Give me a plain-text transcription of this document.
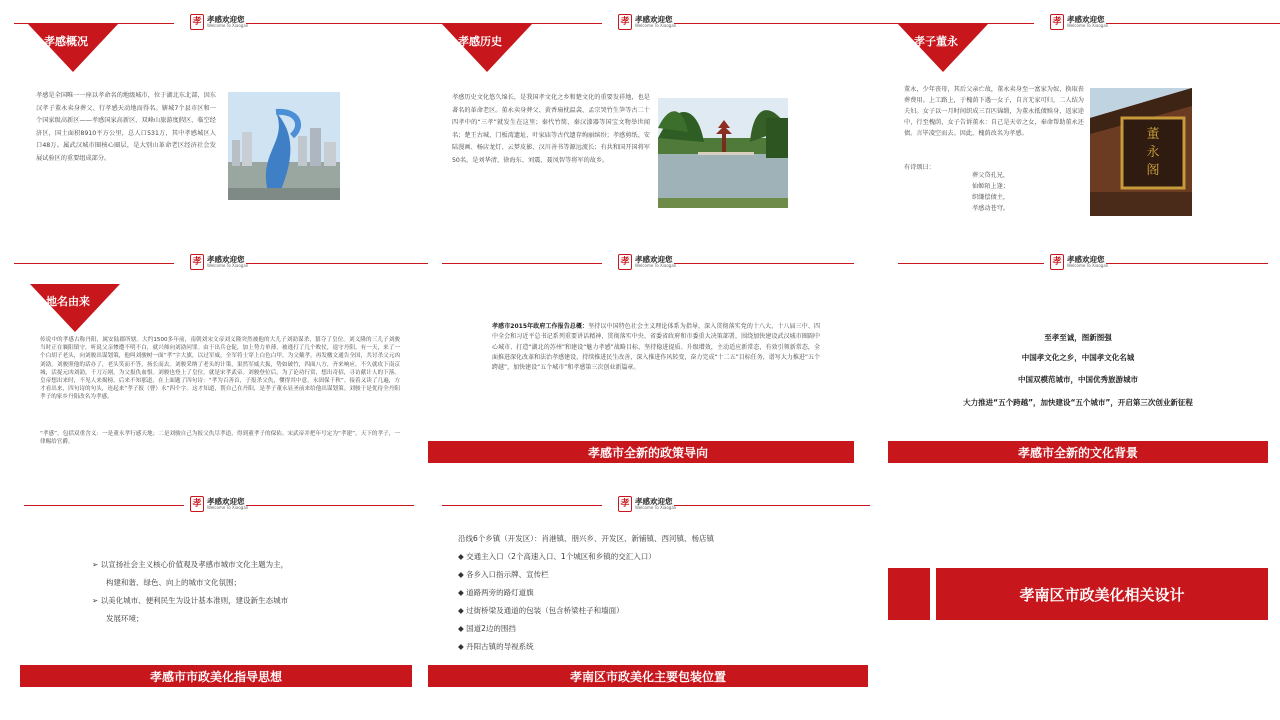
孝 孝感欢迎您
Welcome To Xiaogan
孝感概况
孝感是全国唯一一座以孝命名的地级城市，位于湖北东北部，因东汉孝子董永卖身葬父、行孝感天动地而得名。辖城7个县市区和一个国家级高新区——孝感国家高新区、双峰山旅游度假区、临空经济区，国土面积8910平方公里，总人口531万，其中孝感城区人口48万。属武汉城市圈核心圈层，是大别山革命老区经济社会发展试验区的重要组成部分。
孝 孝感欢迎您
Welcome To Xiaogan
孝感历史
孝感历史文化悠久绵长，是我国孝文化之乡和楚文化的重要发祥地，也是著名的革命老区。董永卖身葬父、黄香扇枕温衾、孟宗哭竹生笋等古二十四孝中的“三孝”就发生在这里；秦代竹简、秦汉漆器等国宝文物举世闻名；楚王古城、门板湾遗址、叶家庙等古代遗存绚丽缤纷；孝感剪纸、安陆漫画、杨店龙灯、云梦皮影、汉川善书等源远流长；有共和国开国将军50名，是刘华清、徐海东、刘震、聂凤智等将军的故乡。
孝 孝感欢迎您
Welcome To Xiaogan
孝子董永
董永，少年丧母，其后父亲亡故，董永卖身至一富家为奴，换取丧葬费用。上工路上，于槐荫下遇一女子，自言无家可归，二人结为夫妇。女子以一月时间织成三百匹锦缎，为董永抵债赎身，返家途中，行至槐荫，女子告诉董永：自己是天帝之女，奉命帮助董永还债。言毕凌空而去。因此，槐荫改名为孝感。
有诗颂曰：
葬父贷孔兄，
仙姬陌上逢；
织缣偿债主，
孝感动苍穹。
董
永
阁
孝 孝感欢迎您
Welcome To Xiaogan
地名由来
传说中的孝感古称丹阳，属安陆郡所辖。大约1500多年前，南朝刘宋文帝刘义隆突然被他的大儿子刘劭谋杀，篡夺了皇位。刘义隆的三儿子刘骏当时正在襄阳镇守，听说父亲惨遭不明不白，就兴师向刘劭问罪。由于出兵仓促，加上势力单薄，被逃打了几个败仗，退守丹阳。有一天，来了一个白胡子老头，向刘骏出谋划策，他叫刘骏树一面“孝”字大旗，以过军威，全军将士穿上白色白甲，为父戴孝，再发檄文通告全国，共讨杀父元凶刘劭。刘骏照他的话办了，老头笑而不答，扬长而去。刘骏采纳了老头的计策，果然军威大振，势如破竹，四面八方，齐来响应，不久就攻下南京城，活捉元凶刘劭，千刀万剐，为父报仇血恨。刘骏也登上了皇位，就是宋孝武帝。刘骏登位后，为了论功行赏，想出奇招，寻访献计人的下落。皇帝想出来时，不见人来揭榜，后来不知那道，在上面题了四句诗：“孝为百善首，子报杀父仇，懂得其中意，永固保千秋”。接着又读了几遍，方才看出来，四句诗的句头，连起来“孝子报（曹）永”四个字。这才知道，帮自己在丹阳，是孝子董永显圣前来给他出谋划策。刘骏于是优待全丹阳孝子的家乡丹阳改名为孝感。
“孝感”，包括双重含义：一是董永孝行感天地；二是刘骏自己为报父仇尽孝道，得到董孝子的保佑。宋武帝并把年号定为“孝建”，天下的孝子，一律赐给官爵。
孝 孝感欢迎您
Welcome To Xiaogan
孝感市2015年政府工作报告总概：坚持以中国特色社会主义理论体系为指导，深入贯彻落实党的十八大、十八届三中、四中全会和习近平总书记系列重要讲话精神，贯彻落实中央、省委省政府和市委重大决策部署，围绕加快建设武汉城市圈副中心城市、打造“湖北的苏州”和建设“魅力孝感”战略目标，坚持稳进提质、升级增效，主动适应新常态，有效引领新常态，全面推进深化改革和法治孝感建设，持续推进民生改善，深入推进作风转变，奋力完成“十二五”目标任务，谱写大力推进“五个跨越”，加快建设“五个城市”和孝感第三次创业新篇章。
孝感市全新的政策导向
孝 孝感欢迎您
Welcome To Xiaogan
至孝至诚，图新图强
中国孝文化之乡，中国孝文化名城
中国双模范城市，中国优秀旅游城市
大力推进“五个跨越”，加快建设“五个城市”，开启第三次创业新征程
孝感市全新的文化背景
孝 孝感欢迎您
Welcome To Xiaogan
➢ 以宣扬社会主义核心价值观及孝感市城市文化主题为主，
构建和谐、绿色、向上的城市文化氛围；
➢ 以美化城市、便利民生为设计基本准则，建设新生态城市
发展环境；
孝感市市政美化指导思想
孝 孝感欢迎您
Welcome To Xiaogan
沿线6个乡镇（开发区）：肖港镇、朋兴乡、开发区、新铺镇、西河镇、杨店镇
◆ 交通主入口（2个高速入口、1个城区和乡镇的交汇入口）
◆ 各乡入口指示牌、宣传栏
◆ 道路两旁的路灯道旗
◆ 过街桥梁及通道的包装（包含桥梁柱子和墙面）
◆ 国道2边的围挡
◆ 丹阳古镇的导视系统
孝南区市政美化主要包装位置
孝南区市政美化相关设计
